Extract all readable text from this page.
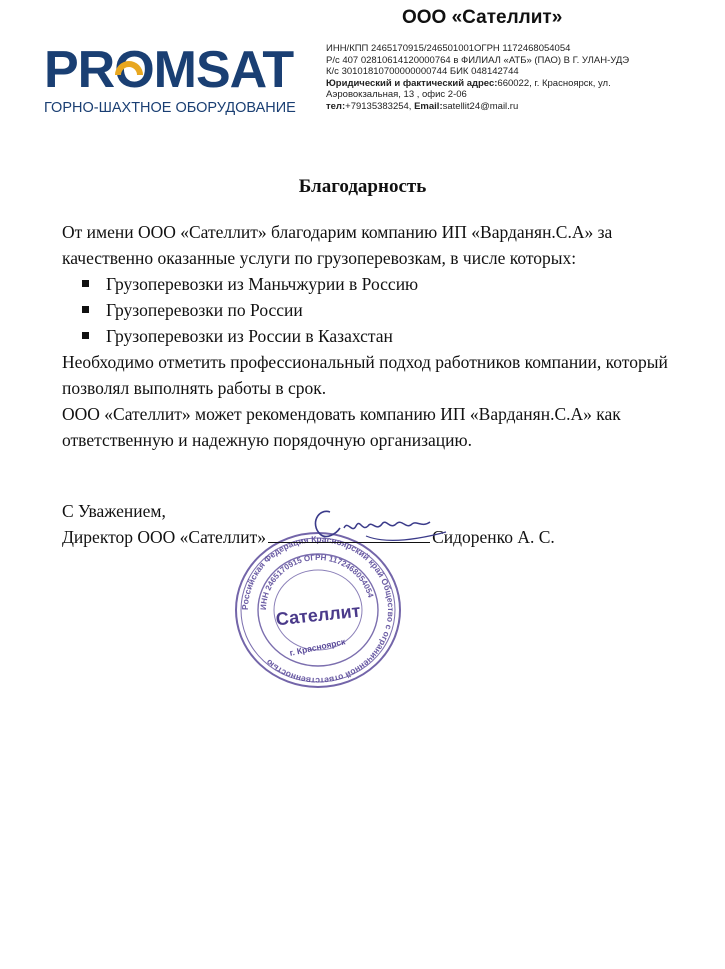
ООО «Сателлит»
PROMSAT
ГОРНО-ШАХТНОЕ ОБОРУДОВАНИЕ
ИНН/КПП 2465170915/246501001ОГРН 1172468054054
Р/с 407 02810614120000764 в ФИЛИАЛ «АТБ» (ПАО) В Г. УЛАН-УДЭ
К/с 30101810700000000744 БИК 048142744
Юридический и фактический адрес:660022, г. Красноярск, ул.
Аэровокзальная, 13 , офис 2-06
тел:+79135383254, Email:satellit24@mail.ru
Благодарность

От имени ООО «Сателлит» благодарим компанию ИП «Варданян.С.А» за качественно оказанные услуги по грузоперевозкам, в числе которых:

Грузоперевозки из Маньчжурии в Россию
Грузоперевозки по России
Грузоперевозки из России в Казахстан

Необходимо отметить профессиональный подход работников компании, который позволял выполнять работы в срок.

ООО «Сателлит» может рекомендовать компанию ИП «Варданян.С.А» как ответственную и надежную порядочную организацию.

Российская Федерация Красноярский край Общество с ограниченной ответственностью
ИНН 2465170915 ОГРН 1172468054054
Сателлит
г. Красноярск
С Уважением,
Директор ООО «Сателлит»	Сидоренко А. С.
